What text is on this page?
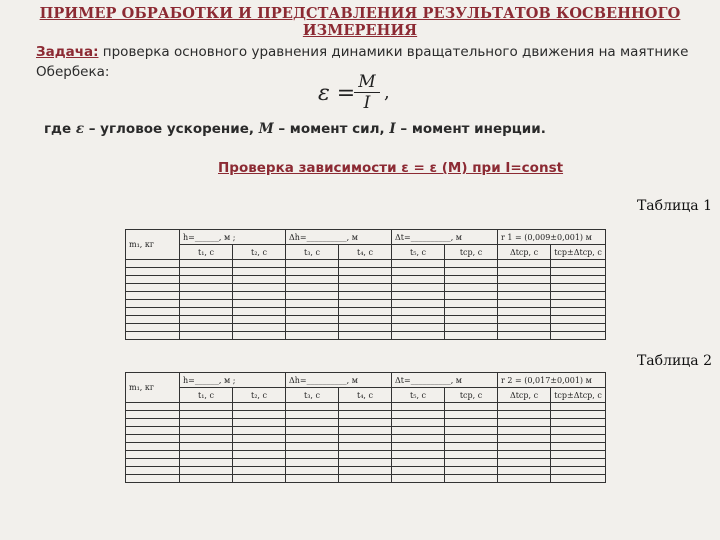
ПРИМЕР ОБРАБОТКИ И ПРЕДСТАВЛЕНИЯ РЕЗУЛЬТАТОВ КОСВЕННОГО ИЗМЕРЕНИЯ
Задача: проверка основного уравнения динамики вращательного движения на маятнике Обербека:
ε = M
I ,
где ε – угловое ускорение, M – момент сил, I – момент инерции.
Проверка зависимости ε = ε (M) при I=const
Таблица 1
m₁, кг	h=______, м ;		Δh=__________, м		Δt=__________, м		r 1 = (0,009±0,001) м	
	t₁, с	t₂, с	t₃, с	t₄, с	t₅, с	tср, с	Δtср, с	tср±Δtср, с

Таблица 2
m₁, кг	h=______, м ;		Δh=__________, м		Δt=__________, м		r 2 = (0,017±0,001) м	
	t₁, с	t₂, с	t₃, с	t₄, с	t₅, с	tср, с	Δtср, с	tср±Δtср, с
